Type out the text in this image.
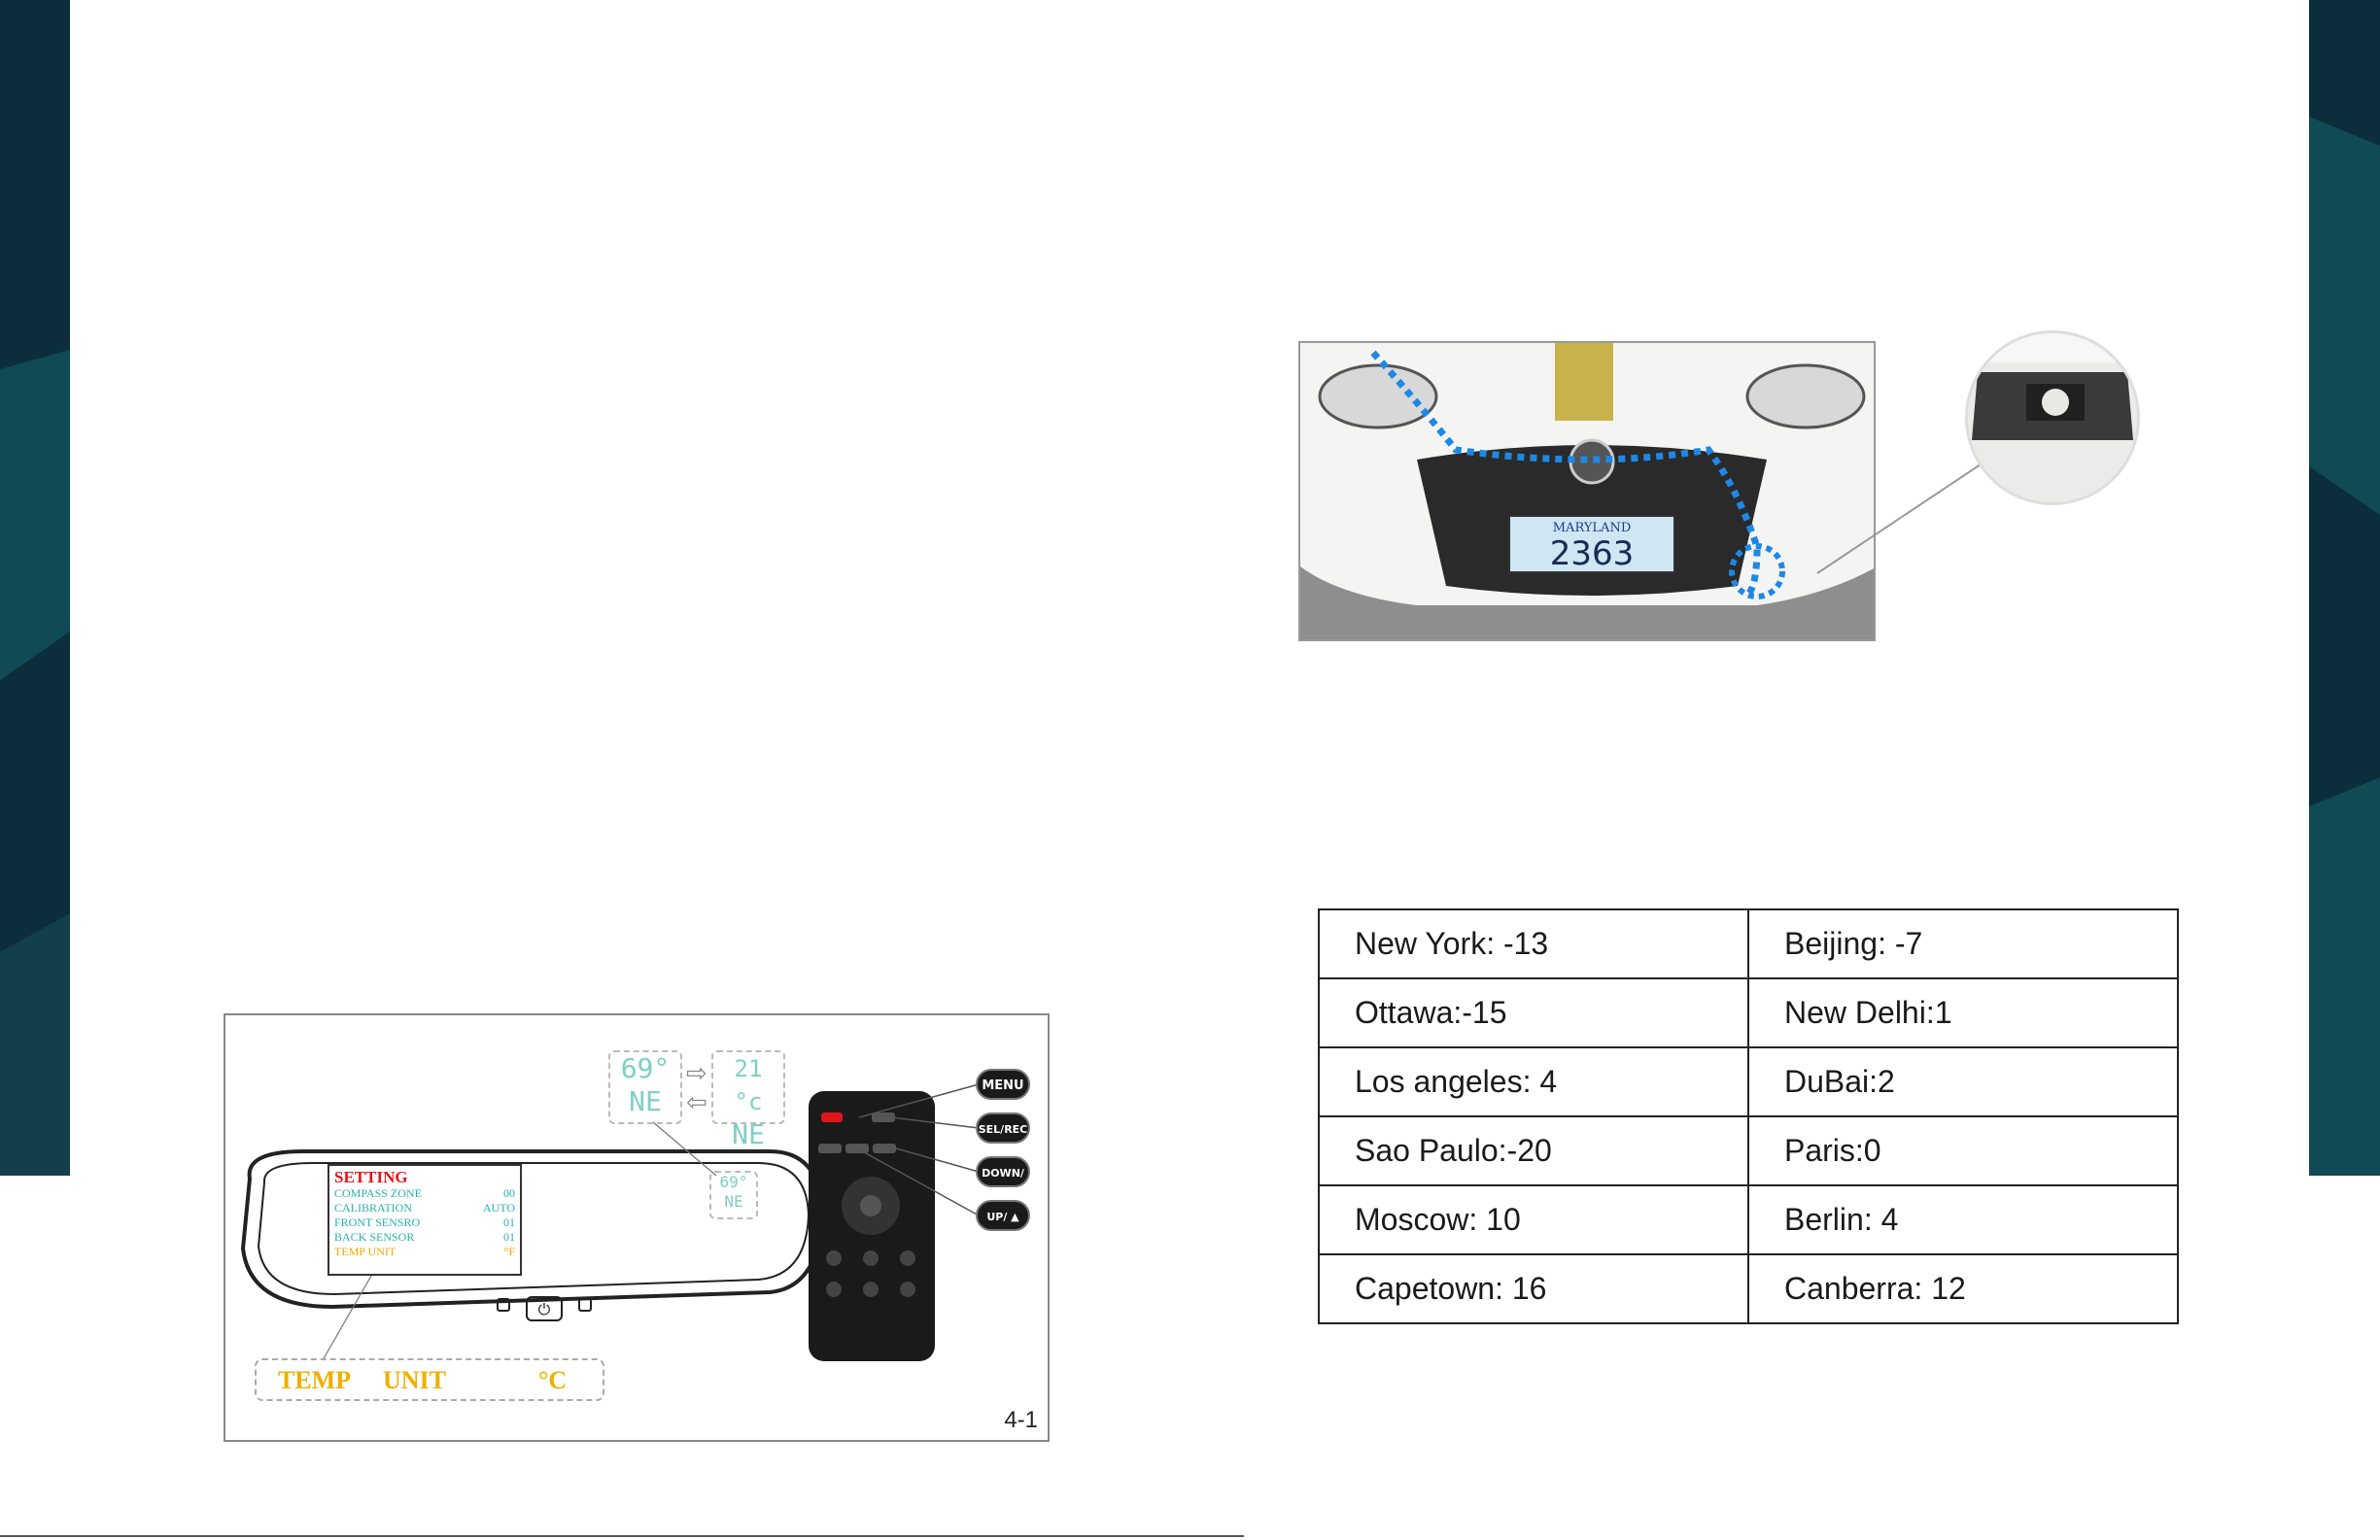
69°
NE
21 °c
NE
⇨
⇦
69°
NE
⏻
MENU
SEL/REC
DOWN/
UP/ ▲
SETTING
COMPASS ZONE	00
CALIBRATION	AUTO
FRONT SENSRO	01
BACK SENSOR	01
TEMP UNIT	°F
TEMP UNIT	°C
4-1
MARYLAND
2363
New York: -13	Beijing: -7
Ottawa:-15	New Delhi:1
Los angeles: 4	DuBai:2
Sao Paulo:-20	Paris:0
Moscow: 10	Berlin: 4
Capetown: 16	Canberra: 12
